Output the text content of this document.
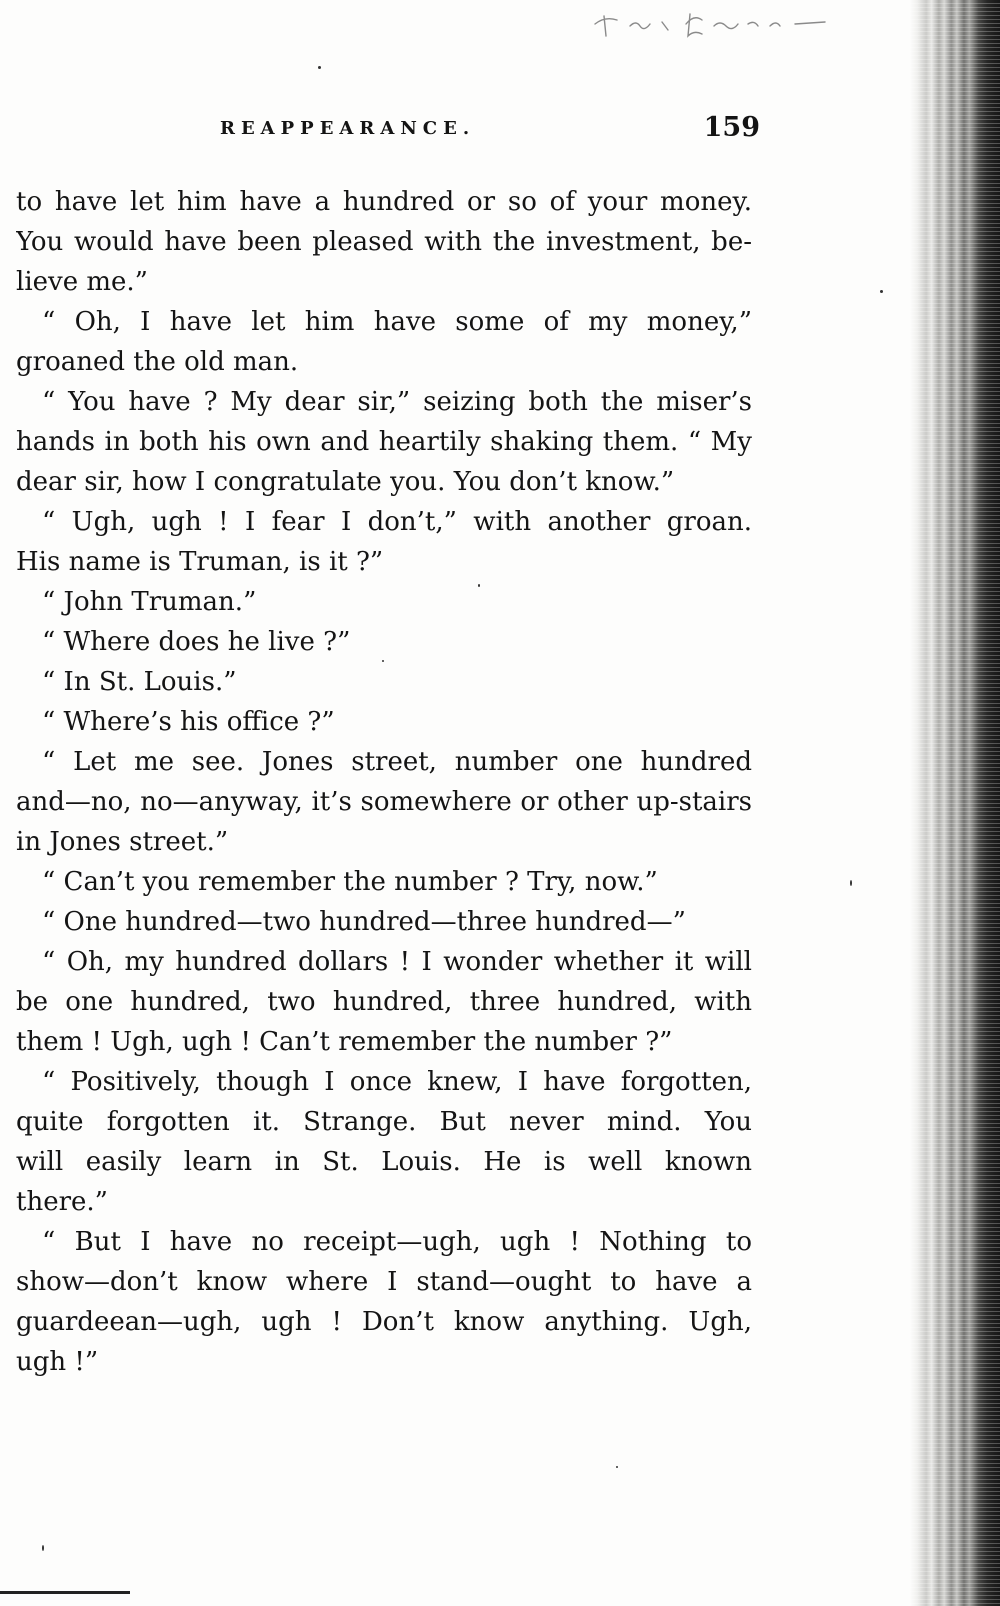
REAPPEARANCE.	159
to have let him have a hundred or so of your money.
You would have been pleased with the investment, be-
lieve me.”
“ Oh, I have let him have some of my money,”
groaned the old man.
“ You have ? My dear sir,” seizing both the miser’s
hands in both his own and heartily shaking them. “ My
dear sir, how I congratulate you. You don’t know.”
“ Ugh, ugh ! I fear I don’t,” with another groan.
His name is Truman, is it ?”
“ John Truman.”
“ Where does he live ?”
“ In St. Louis.”
“ Where’s his office ?”
“ Let me see. Jones street, number one hundred
and—no, no—anyway, it’s somewhere or other up-stairs
in Jones street.”
“ Can’t you remember the number ? Try, now.”
“ One hundred—two hundred—three hundred—”
“ Oh, my hundred dollars ! I wonder whether it will
be one hundred, two hundred, three hundred, with
them ! Ugh, ugh ! Can’t remember the number ?”
“ Positively, though I once knew, I have forgotten,
quite forgotten it. Strange. But never mind. You
will easily learn in St. Louis. He is well known
there.”
“ But I have no receipt—ugh, ugh ! Nothing to
show—don’t know where I stand—ought to have a
guardeean—ugh, ugh ! Don’t know anything. Ugh,
ugh !”
